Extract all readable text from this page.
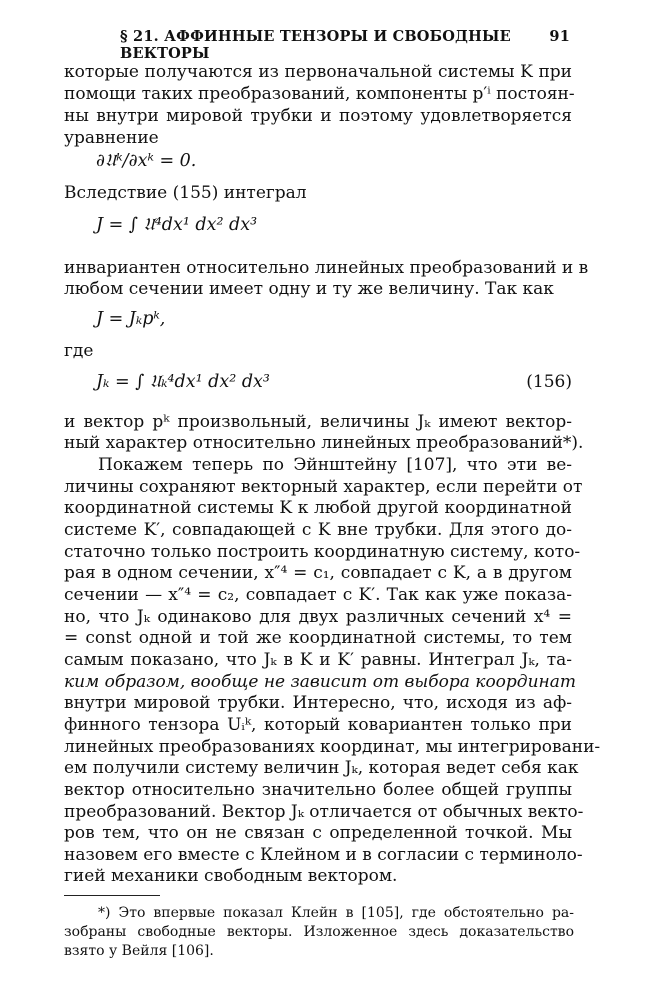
§ 21. АФФИННЫЕ ТЕНЗОРЫ И СВОБОДНЫЕ ВЕКТОРЫ
91
которые получаются из первоначальной системы K при
помощи таких преобразований, компоненты p′ⁱ постоян-
ны внутри мировой трубки и поэтому удовлетворяется
уравнение
∂𝔘ᵏ/∂xᵏ = 0.
Вследствие (155) интеграл
J = ∫ 𝔘⁴dx¹ dx² dx³
инвариантен относительно линейных преобразований и в
любом сечении имеет одну и ту же величину. Так как
J = Jₖpᵏ,
где
Jₖ = ∫ 𝔘ₖ⁴dx¹ dx² dx³	(156)
и вектор pᵏ произвольный, величины Jₖ имеют вектор-
ный характер относительно линейных преобразований*).
Покажем теперь по Эйнштейну [107], что эти ве-
личины сохраняют векторный характер, если перейти от
координатной системы K к любой другой координатной
системе K′, совпадающей с K вне трубки. Для этого до-
статочно только построить координатную систему, кото-
рая в одном сечении, x″⁴ = c₁, совпадает с K, а в другом
сечении — x″⁴ = c₂, совпадает с K′. Так как уже показа-
но, что Jₖ одинаково для двух различных сечений x⁴ =
= const одной и той же координатной системы, то тем
самым показано, что Jₖ в K и K′ равны. Интеграл Jₖ, та-
ким образом, вообще не зависит от выбора координат
внутри мировой трубки. Интересно, что, исходя из аф-
финного тензора Uᵢᵏ, который ковариантен только при
линейных преобразованиях координат, мы интегрировани-
ем получили систему величин Jₖ, которая ведет себя как
вектор относительно значительно более общей группы
преобразований. Вектор Jₖ отличается от обычных векто-
ров тем, что он не связан с определенной точкой. Мы
назовем его вместе с Клейном и в согласии с терминоло-
гией механики свободным вектором.
*) Это впервые показал Клейн в [105], где обстоятельно ра-
зобраны свободные векторы. Изложенное здесь доказательство
взято у Вейля [106].
